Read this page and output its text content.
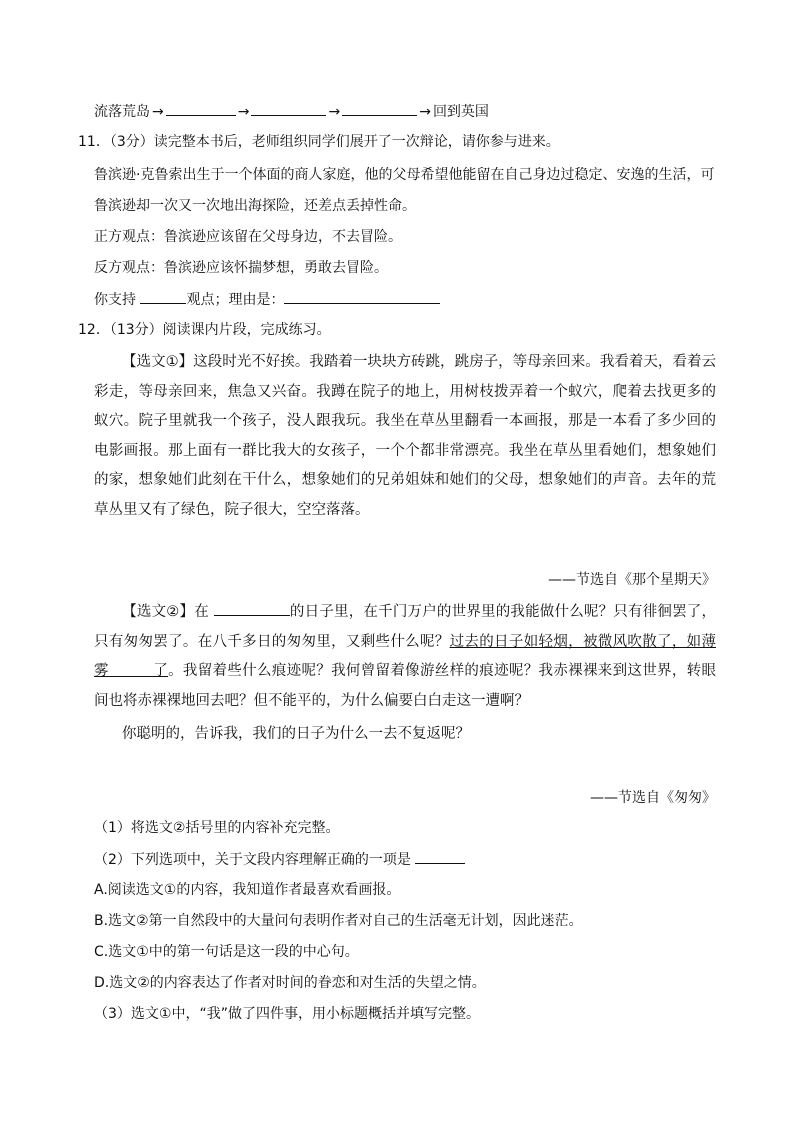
流落荒岛 →	→	→	→ 回到英国
11．（3分）读完整本书后，老师组织同学们展开了一次辩论，请你参与进来。
鲁滨逊·克鲁索出生于一个体面的商人家庭，他的父母希望他能留在自己身边过稳定、安逸的生活，可
鲁滨逊却一次又一次地出海探险，还差点丢掉性命。
正方观点：鲁滨逊应该留在父母身边，不去冒险。
反方观点：鲁滨逊应该怀揣梦想，勇敢去冒险。
你支持	观点；理由是：
12．（13分）阅读课内片段，完成练习。
【选文①】这段时光不好挨。我踏着一块块方砖跳，跳房子，等母亲回来。我看着天，看着云彩走，等母亲回来，焦急又兴奋。我蹲在院子的地上，用树枝拨弄着一个蚁穴，爬着去找更多的蚁穴。院子里就我一个孩子，没人跟我玩。我坐在草丛里翻看一本画报，那是一本看了多少回的电影画报。那上面有一群比我大的女孩子，一个个都非常漂亮。我坐在草丛里看她们，想象她们的家，想象她们此刻在干什么，想象她们的兄弟姐妹和她们的父母，想象她们的声音。去年的荒草丛里又有了绿色，院子很大，空空落落。
——节选自《那个星期天》
【选文②】在	的日子里，在千门万户的世界里的我能做什么呢？只有徘徊罢了，只有匆匆罢了。在八千多日的匆匆里，又剩些什么呢？过去的日子如轻烟，被微风吹散了，如薄雾　　　了。我留着些什么痕迹呢？我何曾留着像游丝样的痕迹呢？我赤裸裸来到这世界，转眼间也将赤裸裸地回去吧？但不能平的，为什么偏要白白走这一遭啊？
你聪明的，告诉我，我们的日子为什么一去不复返呢？
——节选自《匆匆》
（1）将选文②括号里的内容补充完整。
（2）下列选项中，关于文段内容理解正确的一项是
A.阅读选文①的内容，我知道作者最喜欢看画报。
B.选文②第一自然段中的大量问句表明作者对自己的生活毫无计划，因此迷茫。
C.选文①中的第一句话是这一段的中心句。
D.选文②的内容表达了作者对时间的眷恋和对生活的失望之情。
（3）选文①中，“我”做了四件事，用小标题概括并填写完整。
